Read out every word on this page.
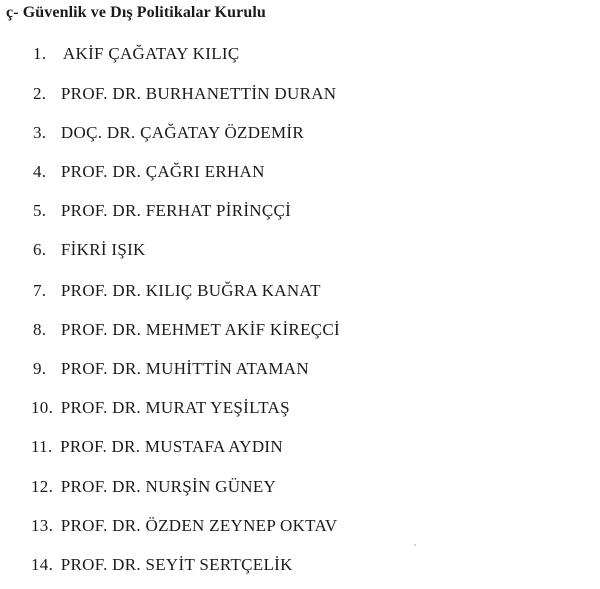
ç- Güvenlik ve Dış Politikalar Kurulu
1. AKİF ÇAĞATAY KILIÇ
2. PROF. DR. BURHANETTİN DURAN
3. DOÇ. DR. ÇAĞATAY ÖZDEMİR
4. PROF. DR. ÇAĞRI ERHAN
5. PROF. DR. FERHAT PİRİNÇÇİ
6. FİKRİ IŞIK
7. PROF. DR. KILIÇ BUĞRA KANAT
8. PROF. DR. MEHMET AKİF KİREÇCİ
9. PROF. DR. MUHİTTİN ATAMAN
10. PROF. DR. MURAT YEŞİLTAŞ
11. PROF. DR. MUSTAFA AYDIN
12. PROF. DR. NURŞİN GÜNEY
13. PROF. DR. ÖZDEN ZEYNEP OKTAV
14. PROF. DR. SEYİT SERTÇELİK
